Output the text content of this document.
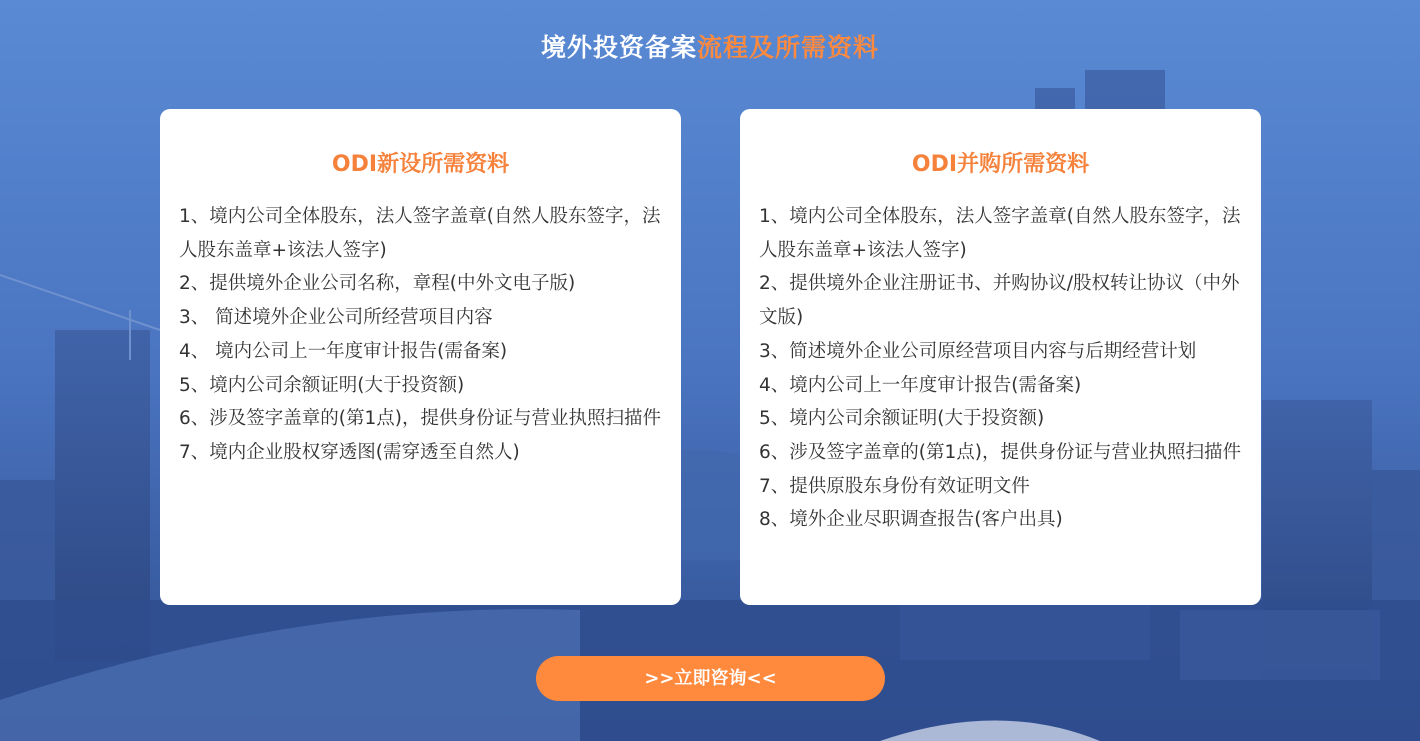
境外投资备案流程及所需资料
ODI新设所需资料
1、境内公司全体股东，法人签字盖章(自然人股东签字，法人股东盖章+该法人签字)
2、提供境外企业公司名称，章程(中外文电子版)
3、 简述境外企业公司所经营项目内容
4、 境内公司上一年度审计报告(需备案)
5、境内公司余额证明(大于投资额)
6、涉及签字盖章的(第1点)，提供身份证与营业执照扫描件
7、境内企业股权穿透图(需穿透至自然人)
ODI并购所需资料
1、境内公司全体股东，法人签字盖章(自然人股东签字，法人股东盖章+该法人签字)
2、提供境外企业注册证书、并购协议/股权转让协议（中外文版)
3、简述境外企业公司原经营项目内容与后期经营计划
4、境内公司上一年度审计报告(需备案)
5、境内公司余额证明(大于投资额)
6、涉及签字盖章的(第1点)，提供身份证与营业执照扫描件
7、提供原股东身份有效证明文件
8、境外企业尽职调查报告(客户出具)
>>立即咨询<<
